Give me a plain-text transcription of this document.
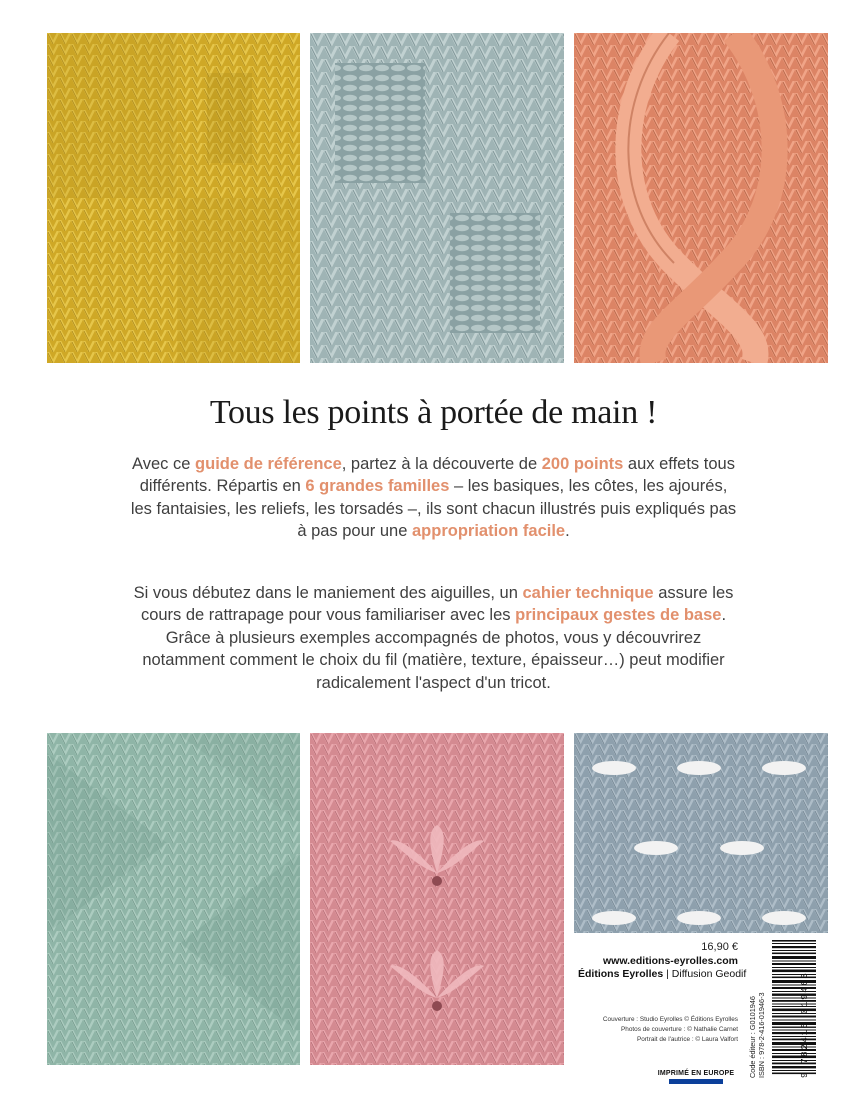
Tous les points à portée de main !
Avec ce guide de référence, partez à la découverte de 200 points aux effets tous différents. Répartis en 6 grandes familles – les basiques, les côtes, les ajourés, les fantaisies, les reliefs, les torsadés –, ils sont chacun illustrés puis expliqués pas à pas pour une appropriation facile.
Si vous débutez dans le maniement des aiguilles, un cahier technique assure les cours de rattrapage pour vous familiariser avec les principaux gestes de base. Grâce à plusieurs exemples accompagnés de photos, vous y découvrirez notamment comment le choix du fil (matière, texture, épaisseur…) peut modifier radicalement l'aspect d'un tricot.
16,90 €
www.editions-eyrolles.com
Éditions Eyrolles | Diffusion Geodif
Couverture : Studio Eyrolles © Éditions Eyrolles
Photos de couverture : © Nathalie Carnet
Portrait de l'autrice : © Laura Valfort
IMPRIMÉ EN EUROPE	Code éditeur : G0101946 ISBN : 978-2-416-01946-3	9 782416 019463
